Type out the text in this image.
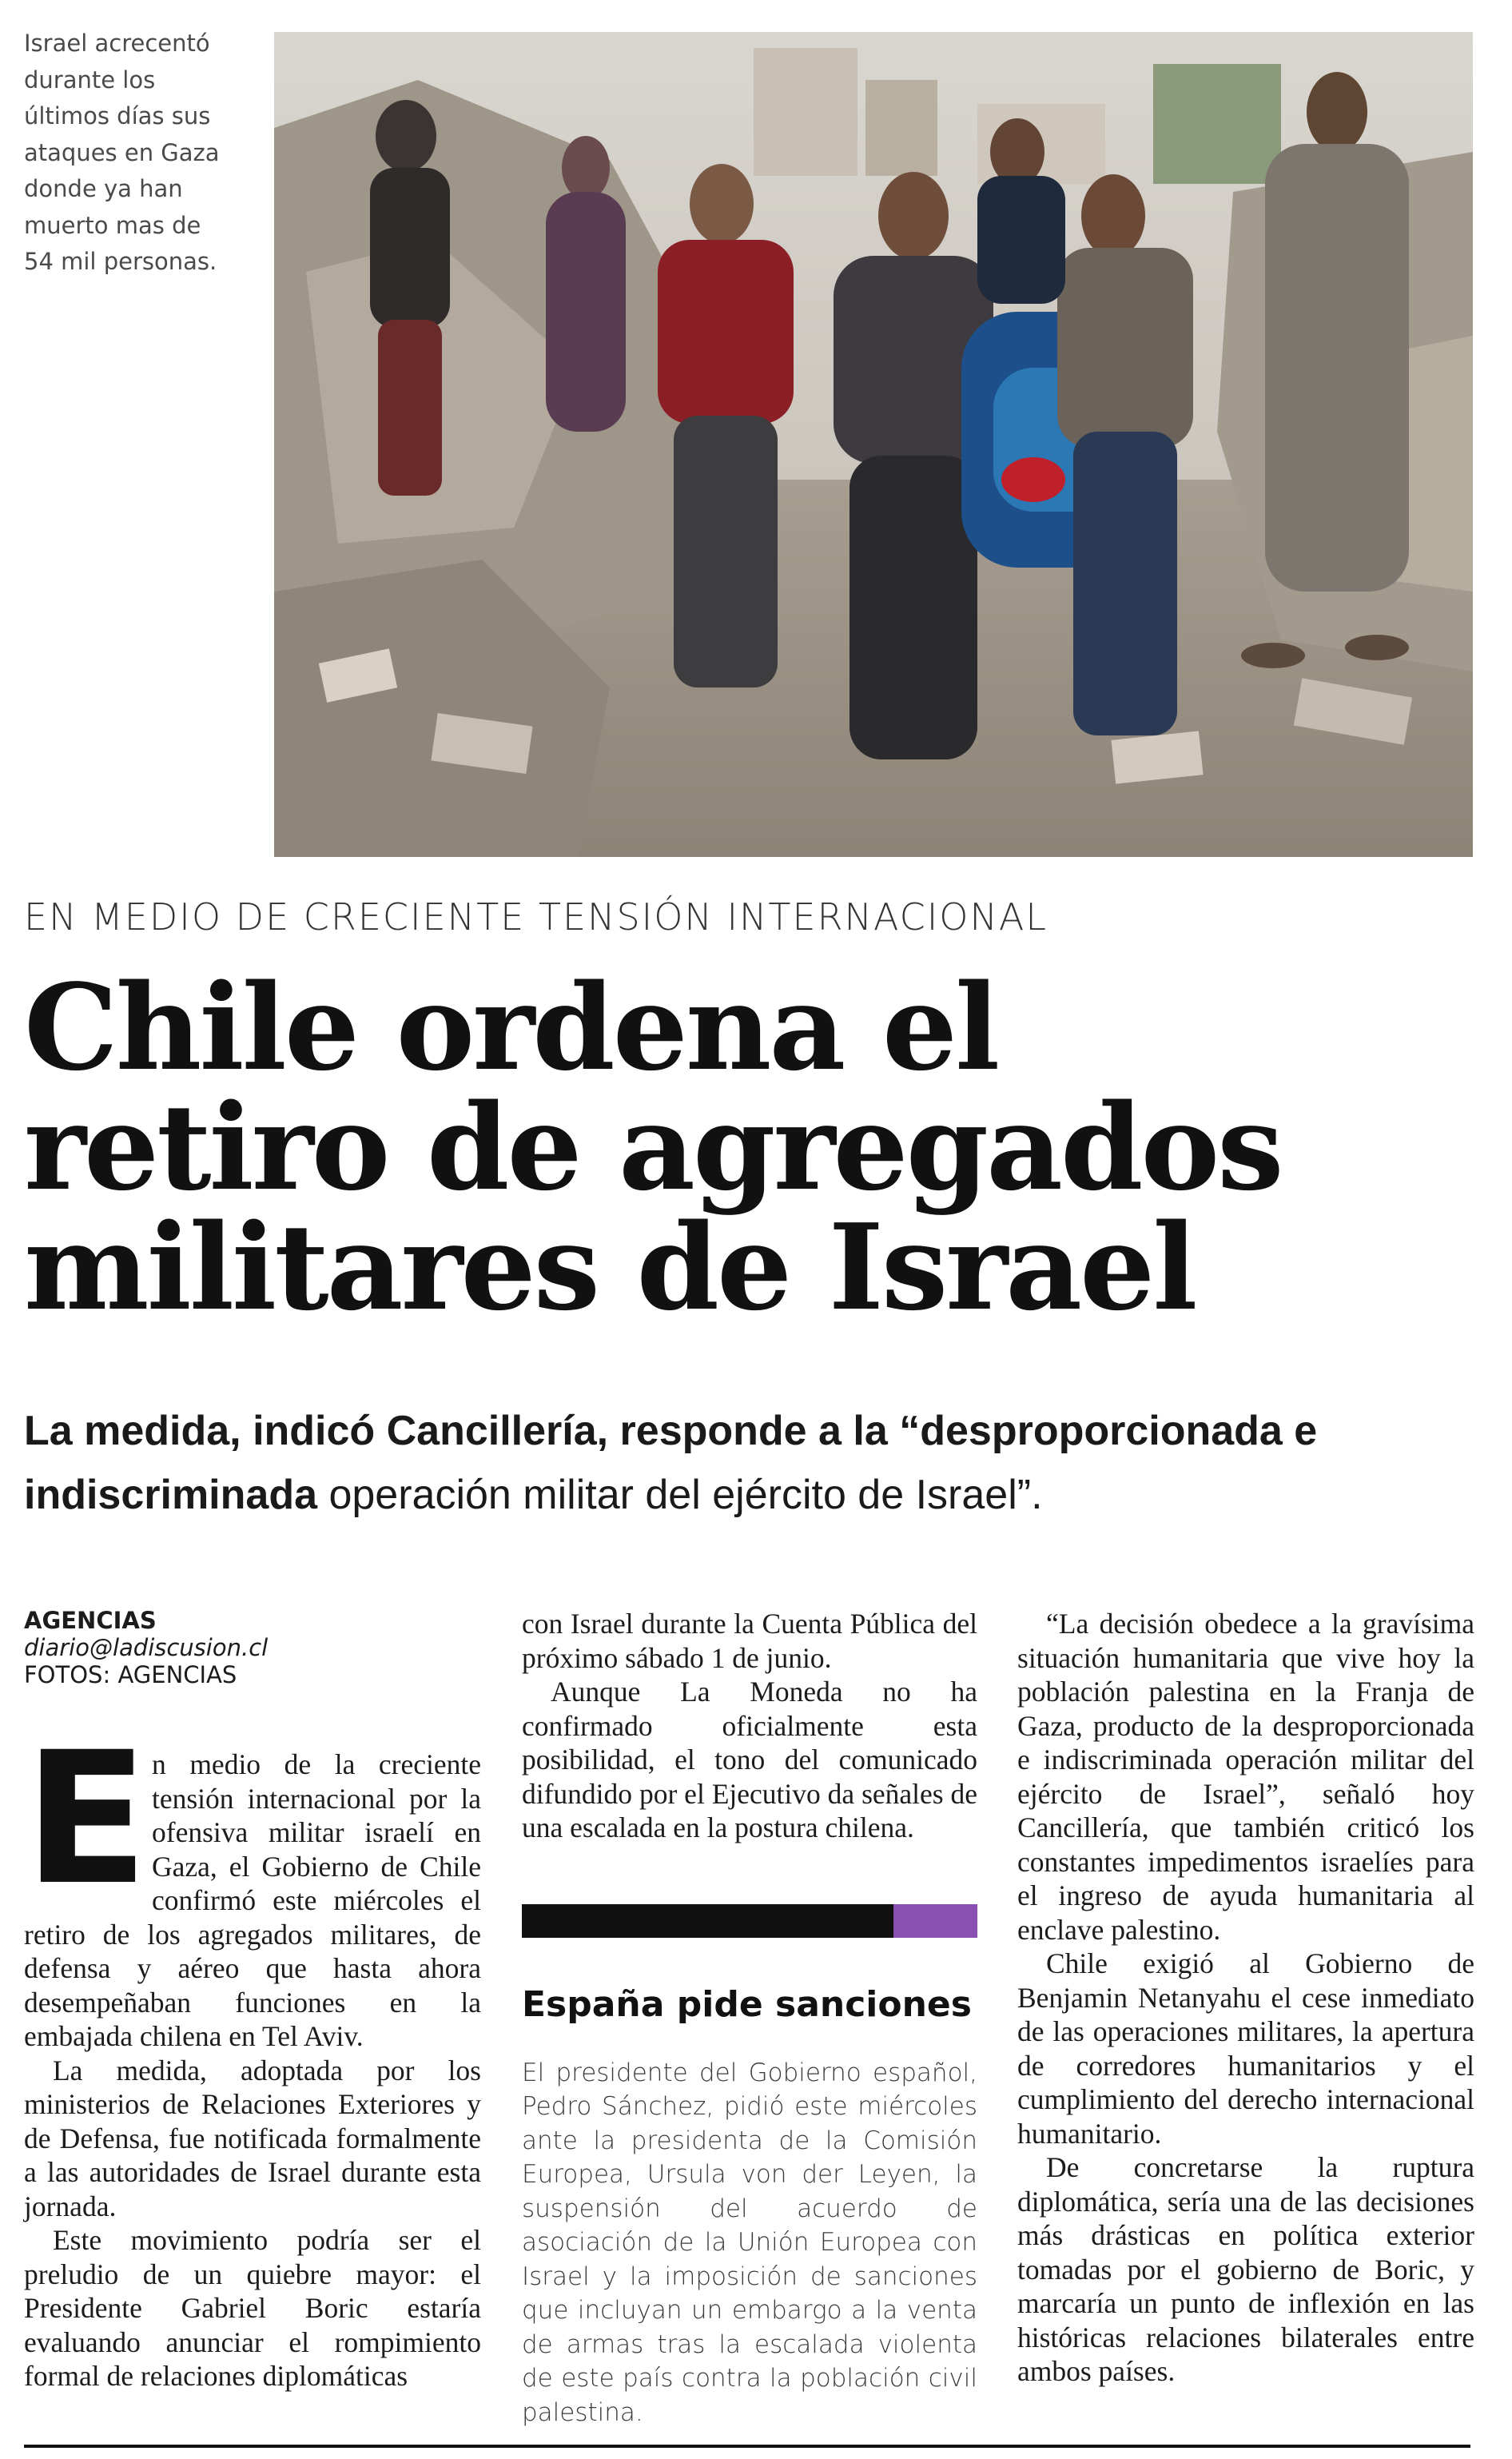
Israel acrecentó
durante los
últimos días sus
ataques en Gaza
donde ya han
muerto mas de
54 mil personas.
EN MEDIO DE CRECIENTE TENSIÓN INTERNACIONAL
Chile ordena el
retiro de agregados
militares de Israel
La medida, indicó Cancillería, responde a la “desproporcionada e
indiscriminada operación militar del ejército de Israel”.
AGENCIAS
diario@ladiscusion.cl
FOTOS: AGENCIAS

En medio de la creciente tensión internacional por la ofensiva militar israelí en Gaza, el Gobierno de Chile confirmó este miércoles el retiro de los agregados militares, de defensa y aéreo que hasta ahora desempeñaban funciones en la embajada chilena en Tel Aviv.

La medida, adoptada por los ministerios de Relaciones Exteriores y de Defensa, fue notificada formalmente a las autoridades de Israel durante esta jornada.

Este movimiento podría ser el preludio de un quiebre mayor: el Presidente Gabriel Boric estaría evaluando anunciar el rompimiento formal de relaciones diplomáticas

con Israel durante la Cuenta Pública del próximo sábado 1 de junio.

Aunque La Moneda no ha confirmado oficialmente esta posibilidad, el tono del comunicado difundido por el Ejecutivo da señales de una escalada en la postura chilena.

España pide sanciones
El presidente del Gobierno español, Pedro Sánchez, pidió este miércoles ante la presidenta de la Comisión Europea, Ursula von der Leyen, la suspensión del acuerdo de asociación de la Unión Europea con Israel y la imposición de sanciones que incluyan un embargo a la venta de armas tras la escalada violenta de este país contra la población civil palestina.

“La decisión obedece a la gravísima situación humanitaria que vive hoy la población palestina en la Franja de Gaza, producto de la desproporcionada e indiscriminada operación militar del ejército de Israel”, señaló hoy Cancillería, que también criticó los constantes impedimentos israelíes para el ingreso de ayuda humanitaria al enclave palestino.

Chile exigió al Gobierno de Benjamin Netanyahu el cese inmediato de las operaciones militares, la apertura de corredores humanitarios y el cumplimiento del derecho internacional humanitario.

De concretarse la ruptura diplomática, sería una de las decisiones más drásticas en política exterior tomadas por el gobierno de Boric, y marcaría un punto de inflexión en las históricas relaciones bilaterales entre ambos países.
